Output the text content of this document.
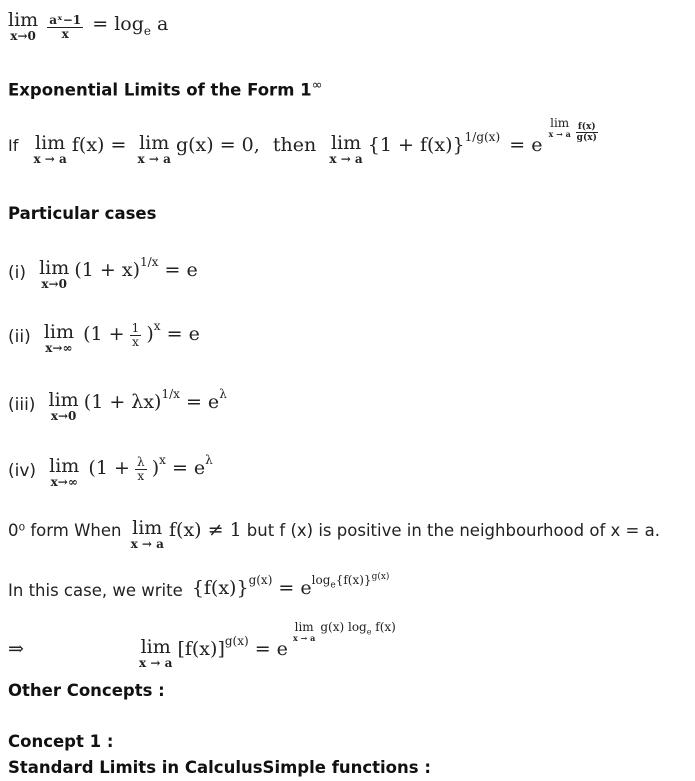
lim
x→0
$\frac{\text{aˣ−1}}{x} = \log_e a$
Exponential Limits of the Form 1∞
If lim
x → a
f(x) = lim
x → a
g(x) = 0, then lim
x → a
$\{1 + f(x)\}^{1/g(x)} = e$
lim
x → a
$\frac{f(x)}{g(x)}$
Particular cases
(i) lim
x→0
$(1 + x)^{1/x} = e$
(ii) lim
x→∞
$(1 + \frac{1}{x} )^x = e$
(iii) lim
x→0
$(1 + \lambda x)^{1/x} = e^\lambda$
(iv) lim
x→∞
$(1 + \frac{\lambda}{x} )^x = e^\lambda$
0⁰ form When lim
x → a
f(x) ≠ 1 but f (x) is positive in the neighbourhood of x = a.
In this case, we write $\{f(x)\}^{g(x)} = e^{log_e\{f(x)\}^{g(x)}}$
⇒	lim
x → a
$[f(x)]^{g(x)} = e$
lim
x → a
$^{g(x) log_e f(x)}$
Other Concepts :
Concept 1 :
Standard Limits in CalculusSimple functions :
